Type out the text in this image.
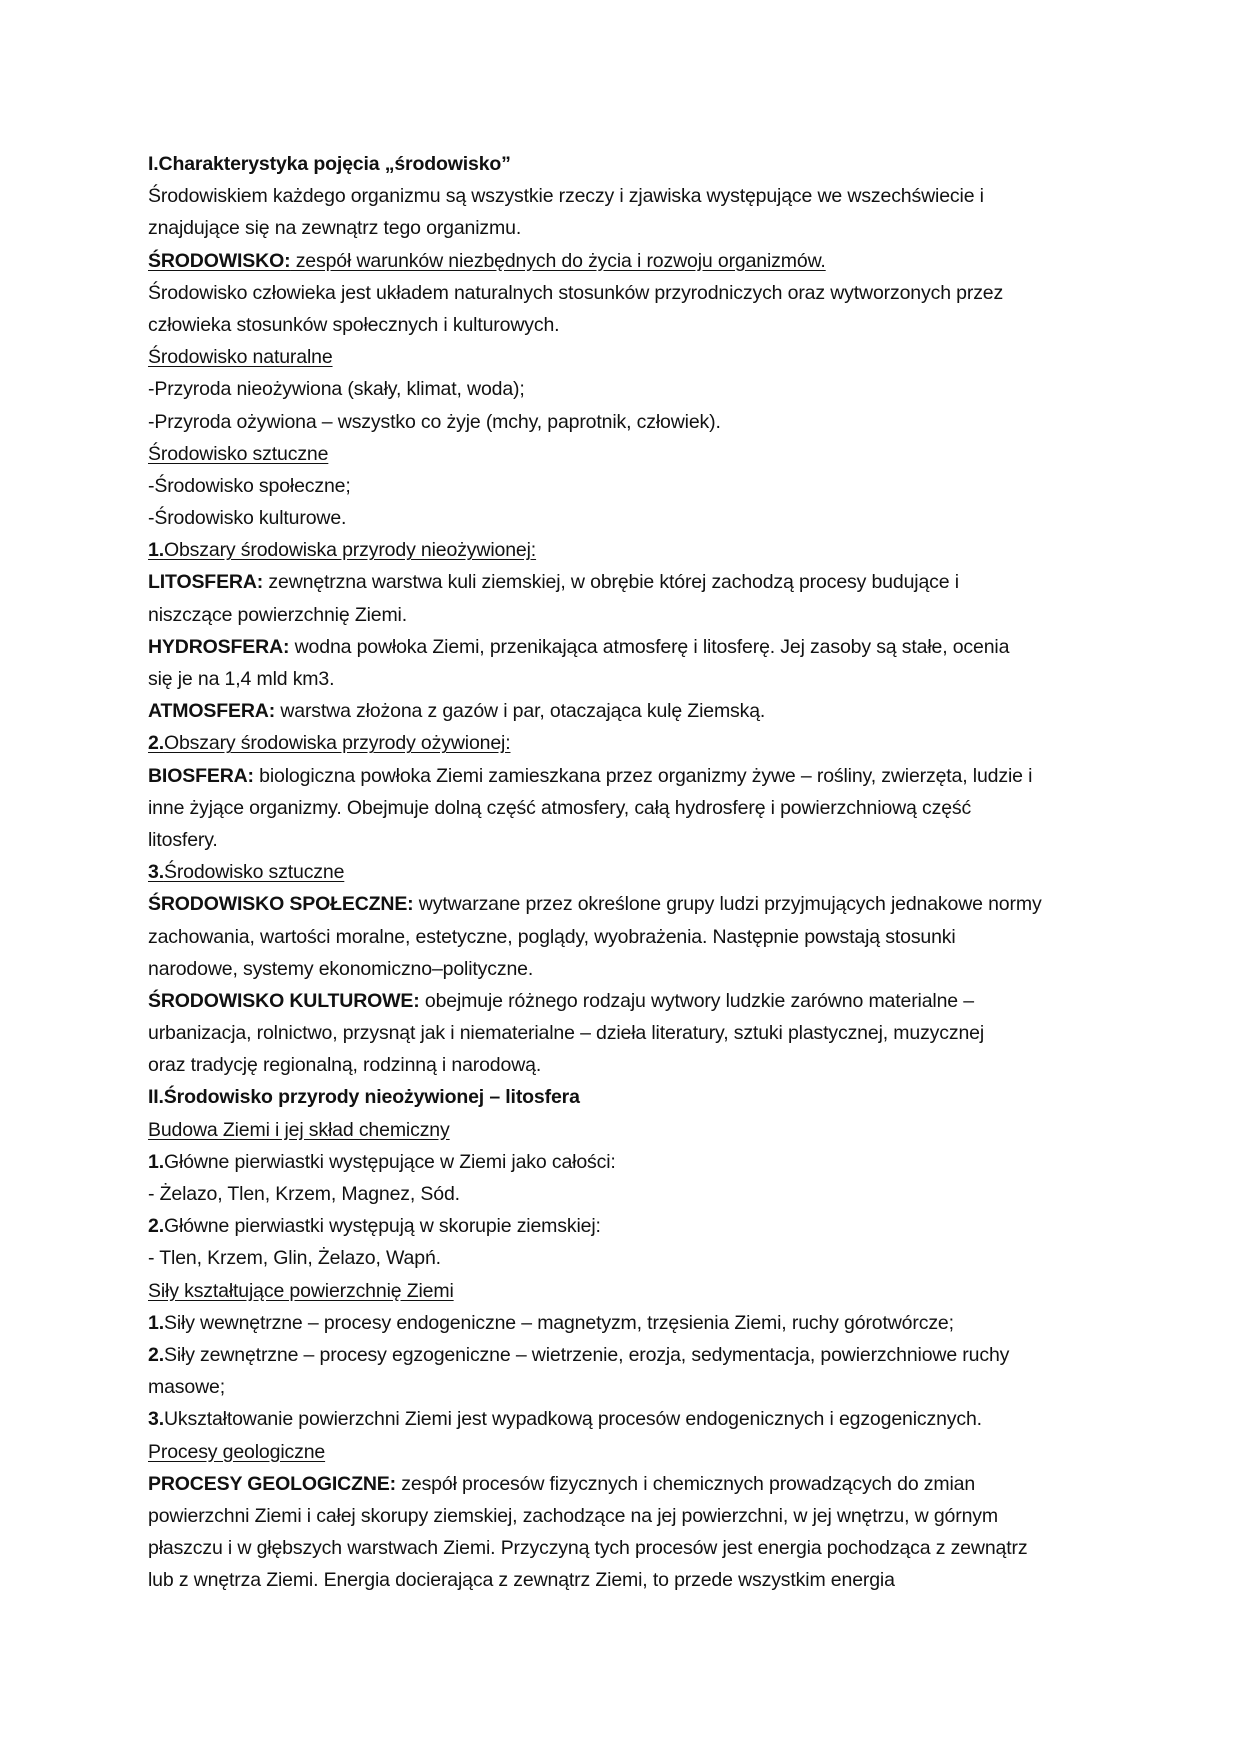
I.Charakterystyka pojęcia „środowisko”
Środowiskiem każdego organizmu są wszystkie rzeczy i zjawiska występujące we wszechświecie i
znajdujące się na zewnątrz tego organizmu.
ŚRODOWISKO: zespół warunków niezbędnych do życia i rozwoju organizmów.
Środowisko człowieka jest układem naturalnych stosunków przyrodniczych oraz wytworzonych przez
człowieka stosunków społecznych i kulturowych.
Środowisko naturalne
-Przyroda nieożywiona (skały, klimat, woda);
-Przyroda ożywiona – wszystko co żyje (mchy, paprotnik, człowiek).
Środowisko sztuczne
-Środowisko społeczne;
-Środowisko kulturowe.
1.Obszary środowiska przyrody nieożywionej:
LITOSFERA: zewnętrzna warstwa kuli ziemskiej, w obrębie której zachodzą procesy budujące i
niszczące powierzchnię Ziemi.
HYDROSFERA: wodna powłoka Ziemi, przenikająca atmosferę i litosferę. Jej zasoby są stałe, ocenia
się je na 1,4 mld km3.
ATMOSFERA: warstwa złożona z gazów i par, otaczająca kulę Ziemską.
2.Obszary środowiska przyrody ożywionej:
BIOSFERA: biologiczna powłoka Ziemi zamieszkana przez organizmy żywe – rośliny, zwierzęta, ludzie i
inne żyjące organizmy. Obejmuje dolną część atmosfery, całą hydrosferę i powierzchniową część
litosfery.
3.Środowisko sztuczne
ŚRODOWISKO SPOŁECZNE: wytwarzane przez określone grupy ludzi przyjmujących jednakowe normy
zachowania, wartości moralne, estetyczne, poglądy, wyobrażenia. Następnie powstają stosunki
narodowe, systemy ekonomiczno–polityczne.
ŚRODOWISKO KULTUROWE: obejmuje różnego rodzaju wytwory ludzkie zarówno materialne –
urbanizacja, rolnictwo, przysnąt jak i niematerialne – dzieła literatury, sztuki plastycznej, muzycznej
oraz tradycję regionalną, rodzinną i narodową.
II.Środowisko przyrody nieożywionej – litosfera
Budowa Ziemi i jej skład chemiczny
1.Główne pierwiastki występujące w Ziemi jako całości:
- Żelazo, Tlen, Krzem, Magnez, Sód.
2.Główne pierwiastki występują w skorupie ziemskiej:
- Tlen, Krzem, Glin, Żelazo, Wapń.
Siły kształtujące powierzchnię Ziemi
1.Siły wewnętrzne – procesy endogeniczne – magnetyzm, trzęsienia Ziemi, ruchy górotwórcze;
2.Siły zewnętrzne – procesy egzogeniczne – wietrzenie, erozja, sedymentacja, powierzchniowe ruchy
masowe;
3.Ukształtowanie powierzchni Ziemi jest wypadkową procesów endogenicznych i egzogenicznych.
Procesy geologiczne
PROCESY GEOLOGICZNE: zespół procesów fizycznych i chemicznych prowadzących do zmian
powierzchni Ziemi i całej skorupy ziemskiej, zachodzące na jej powierzchni, w jej wnętrzu, w górnym
płaszczu i w głębszych warstwach Ziemi. Przyczyną tych procesów jest energia pochodząca z zewnątrz
lub z wnętrza Ziemi. Energia docierająca z zewnątrz Ziemi, to przede wszystkim energia
